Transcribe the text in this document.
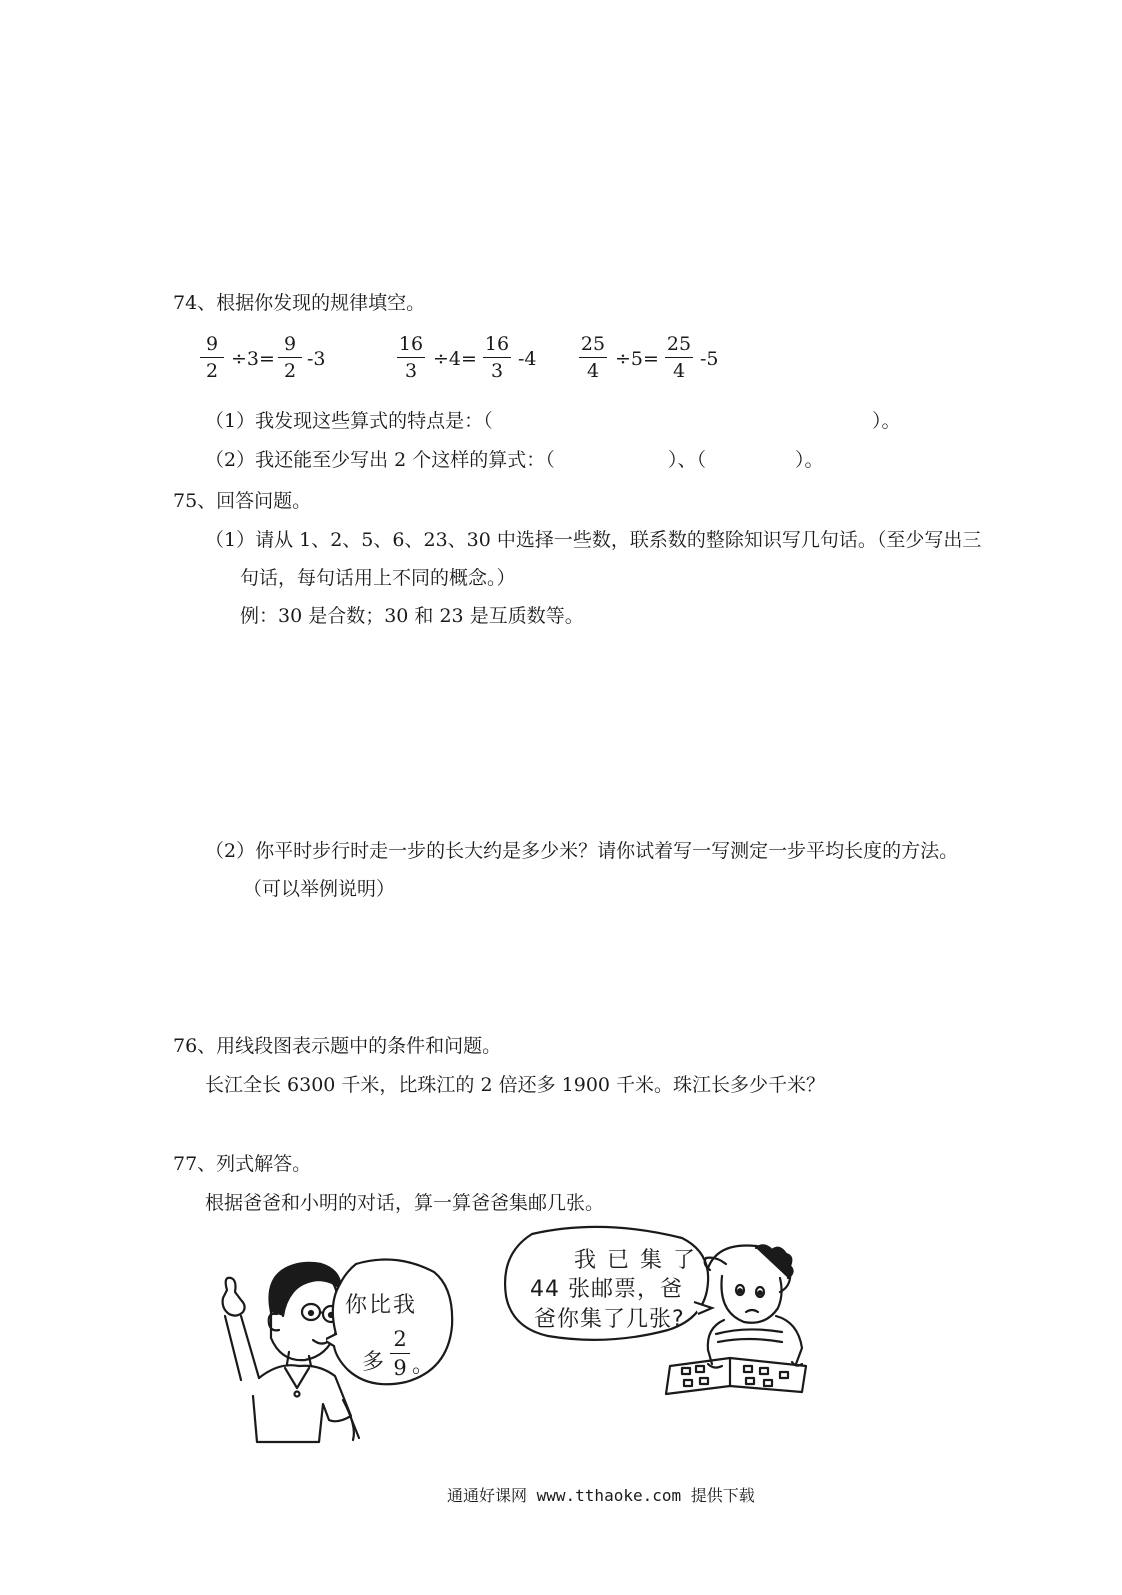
74、根据你发现的规律填空。
9
2
÷3=
9
2
-3
16
3
÷4=
16
3
-4
25
4
÷5=
25
4
-5
（1）我发现这些算式的特点是：（	）。
（2）我还能至少写出 2 个这样的算式：（	）、（	）。
75、回答问题。
（1）请从 1、2、5、6、23、30 中选择一些数，联系数的整除知识写几句话。（至少写出三
句话，每句话用上不同的概念。）
例：30 是合数；30 和 23 是互质数等。
（2）你平时步行时走一步的长大约是多少米？请你试着写一写测定一步平均长度的方法。
（可以举例说明）
76、用线段图表示题中的条件和问题。
长江全长 6300 千米，比珠江的 2 倍还多 1900 千米。珠江长多少千米？
77、列式解答。
根据爸爸和小明的对话，算一算爸爸集邮几张。
你比我
多
2
9 。
我 已 集 了
44 张邮票，爸
爸你集了几张?
通通好课网 www.tthaoke.com 提供下载
